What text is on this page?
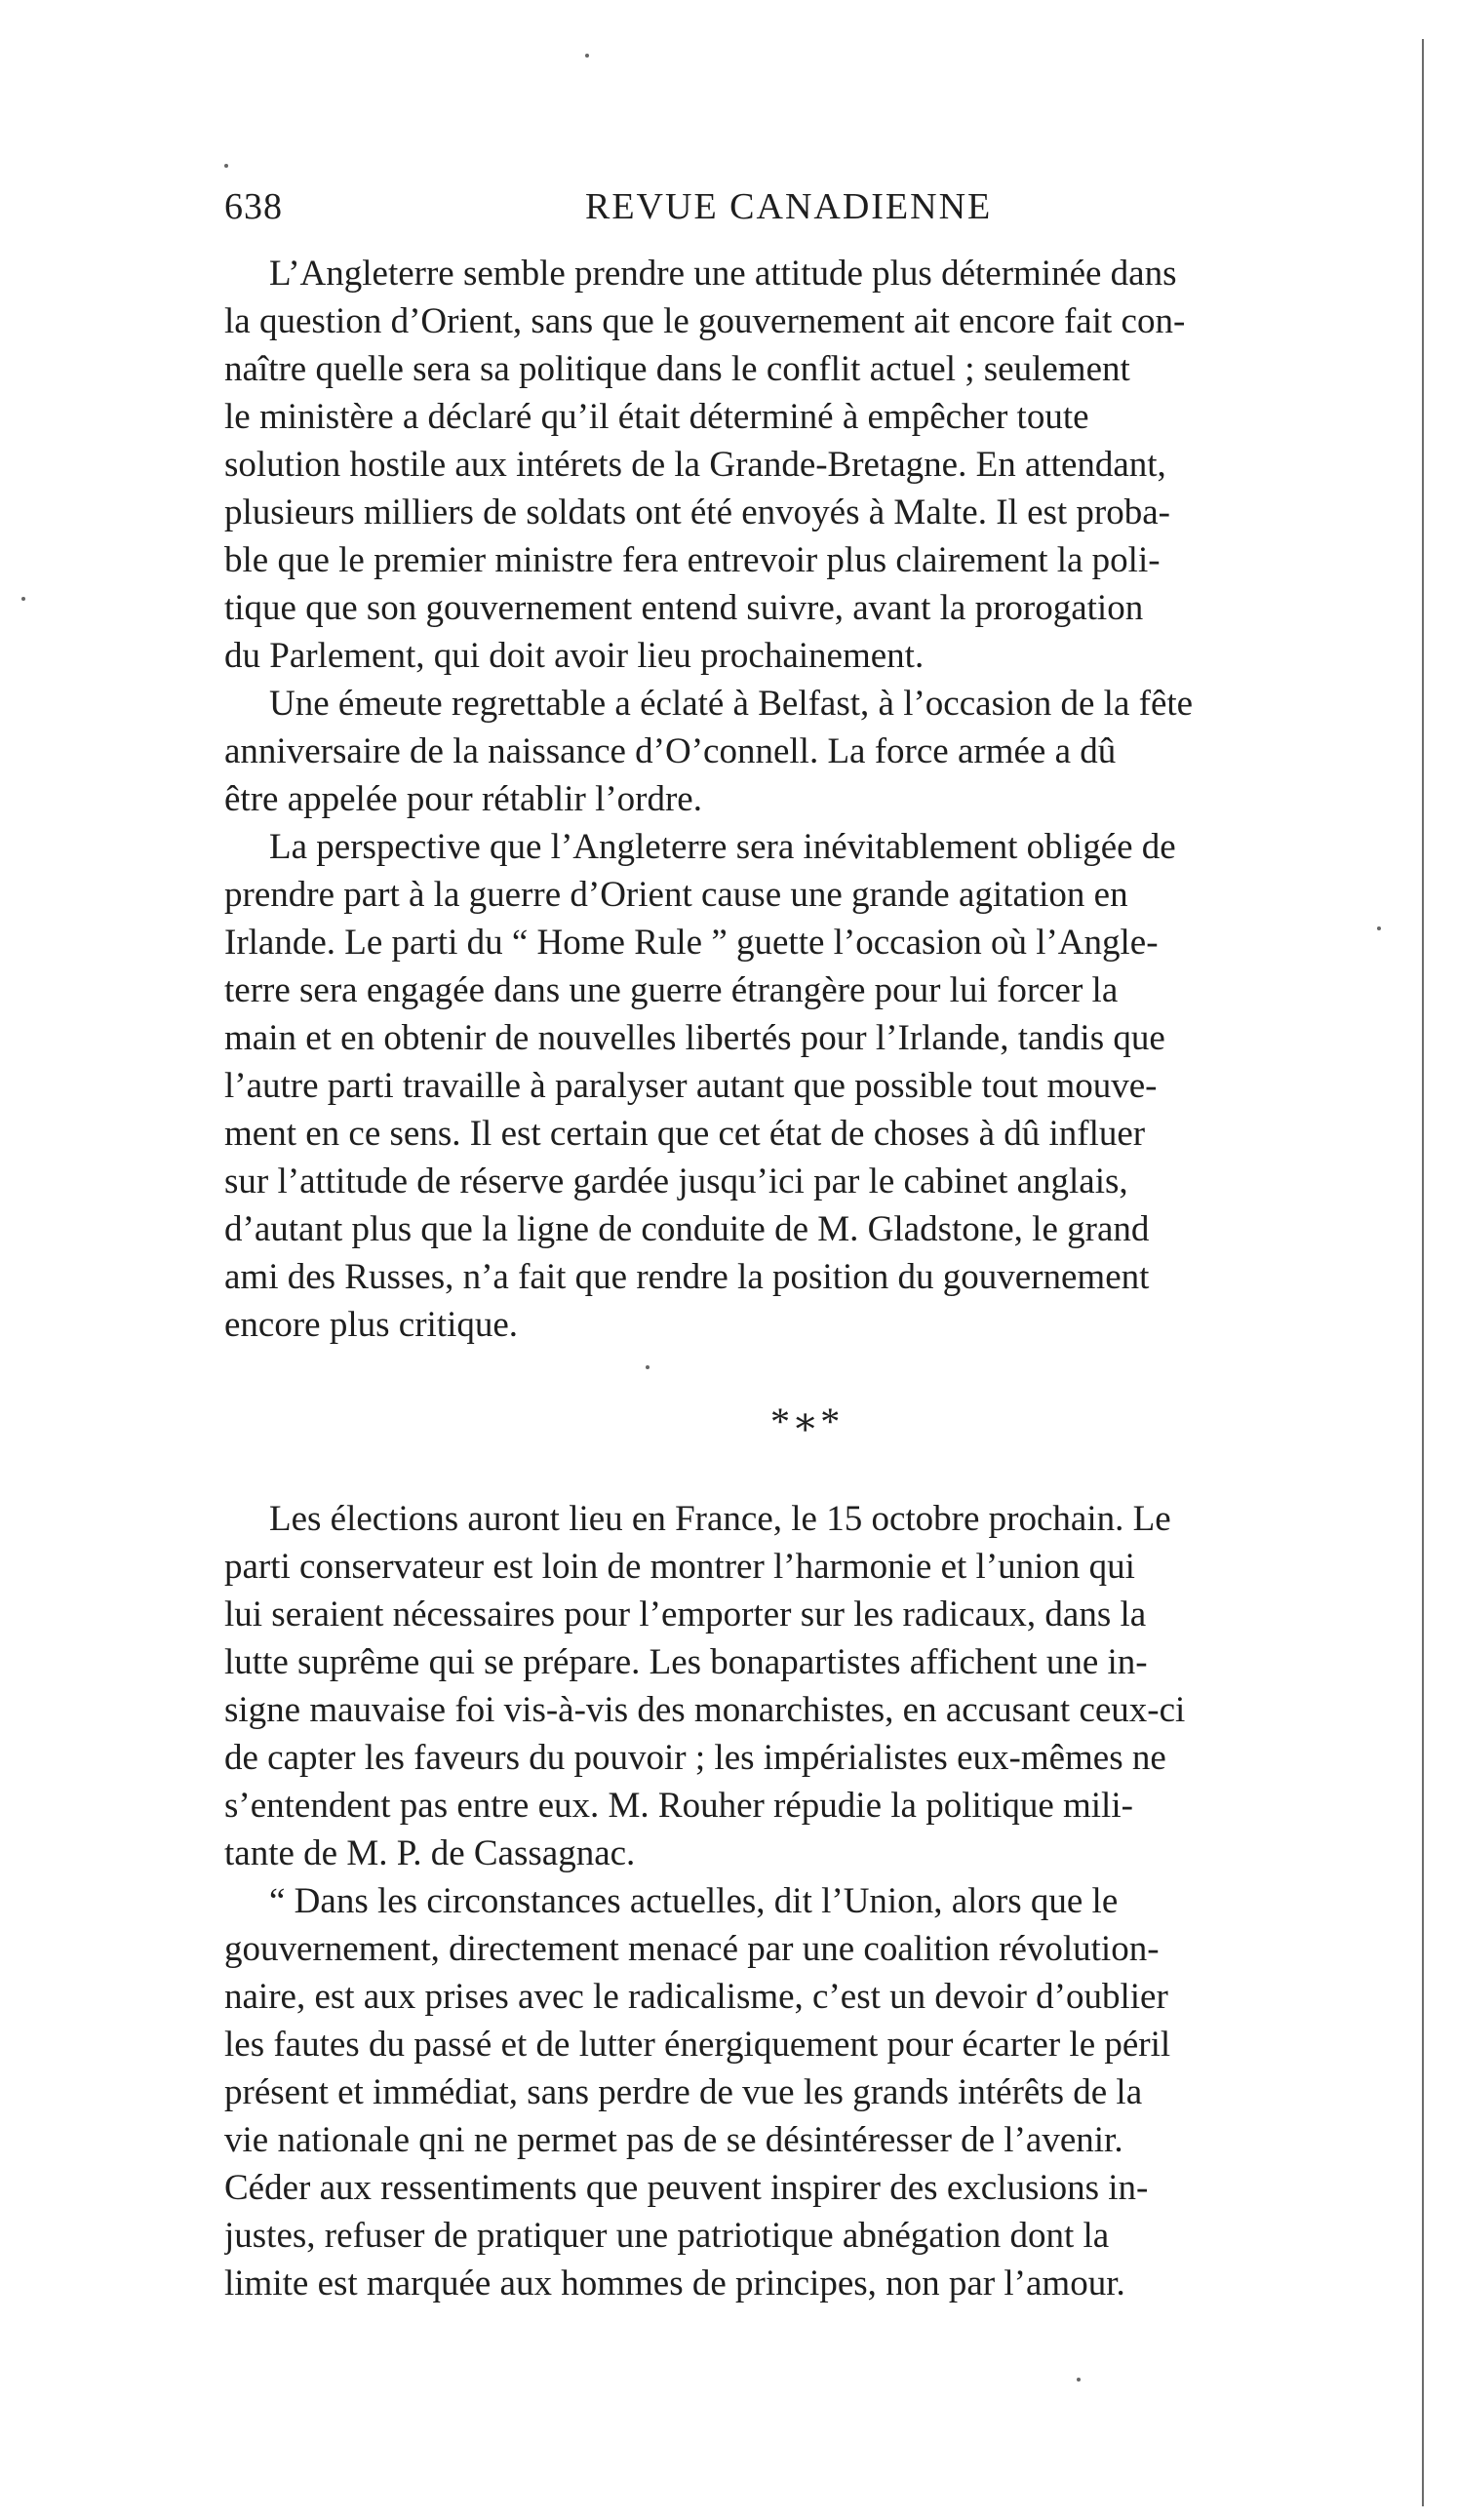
638	REVUE CANADIENNE
L’Angleterre semble prendre une attitude plus déterminée dans
la question d’Orient, sans que le gouvernement ait encore fait con-
naître quelle sera sa politique dans le conflit actuel ; seulement
le ministère a déclaré qu’il était déterminé à empêcher toute
solution hostile aux intérets de la Grande-Bretagne. En attendant,
plusieurs milliers de soldats ont été envoyés à Malte. Il est proba-
ble que le premier ministre fera entrevoir plus clairement la poli-
tique que son gouvernement entend suivre, avant la prorogation
du Parlement, qui doit avoir lieu prochainement.
Une émeute regrettable a éclaté à Belfast, à l’occasion de la fête
anniversaire de la naissance d’O’connell. La force armée a dû
être appelée pour rétablir l’ordre.
La perspective que l’Angleterre sera inévitablement obligée de
prendre part à la guerre d’Orient cause une grande agitation en
Irlande. Le parti du “ Home Rule ” guette l’occasion où l’Angle-
terre sera engagée dans une guerre étrangère pour lui forcer la
main et en obtenir de nouvelles libertés pour l’Irlande, tandis que
l’autre parti travaille à paralyser autant que possible tout mouve-
ment en ce sens. Il est certain que cet état de choses à dû influer
sur l’attitude de réserve gardée jusqu’ici par le cabinet anglais,
d’autant plus que la ligne de conduite de M. Gladstone, le grand
ami des Russes, n’a fait que rendre la position du gouvernement
encore plus critique.
*∗*
Les élections auront lieu en France, le 15 octobre prochain. Le
parti conservateur est loin de montrer l’harmonie et l’union qui
lui seraient nécessaires pour l’emporter sur les radicaux, dans la
lutte suprême qui se prépare. Les bonapartistes affichent une in-
signe mauvaise foi vis-à-vis des monarchistes, en accusant ceux-ci
de capter les faveurs du pouvoir ; les impérialistes eux-mêmes ne
s’entendent pas entre eux. M. Rouher répudie la politique mili-
tante de M. P. de Cassagnac.
“ Dans les circonstances actuelles, dit l’Union, alors que le
gouvernement, directement menacé par une coalition révolution-
naire, est aux prises avec le radicalisme, c’est un devoir d’oublier
les fautes du passé et de lutter énergiquement pour écarter le péril
présent et immédiat, sans perdre de vue les grands intérêts de la
vie nationale qni ne permet pas de se désintéresser de l’avenir.
Céder aux ressentiments que peuvent inspirer des exclusions in-
justes, refuser de pratiquer une patriotique abnégation dont la
limite est marquée aux hommes de principes, non par l’amour.
